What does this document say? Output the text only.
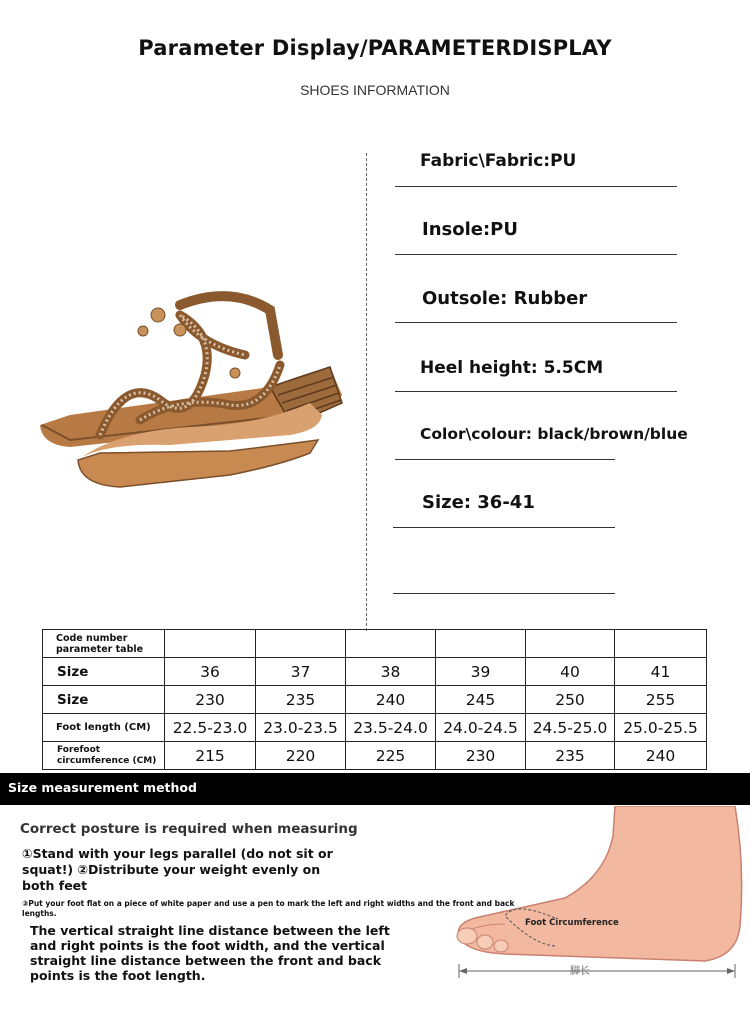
Parameter Display/PARAMETERDISPLAY
SHOES INFORMATION
Fabric\Fabric:PU
Insole:PU
Outsole: Rubber
Heel height: 5.5CM
Color\colour: black/brown/blue
Size: 36-41
Code number parameter table						
Size	36	37	38	39	40	41
Size	230	235	240	245	250	255
Foot length (CM)	22.5-23.0	23.0-23.5	23.5-24.0	24.0-24.5	24.5-25.0	25.0-25.5
Forefoot circumference (CM)	215	220	225	230	235	240
Size measurement method
Correct posture is required when measuring
①Stand with your legs parallel (do not sit or squat!) ②Distribute your weight evenly on both feet
③Put your foot flat on a piece of white paper and use a pen to mark the left and right widths and the front and back lengths.
The vertical straight line distance between the left and right points is the foot width, and the vertical straight line distance between the front and back points is the foot length.
Foot Circumference
脚长
